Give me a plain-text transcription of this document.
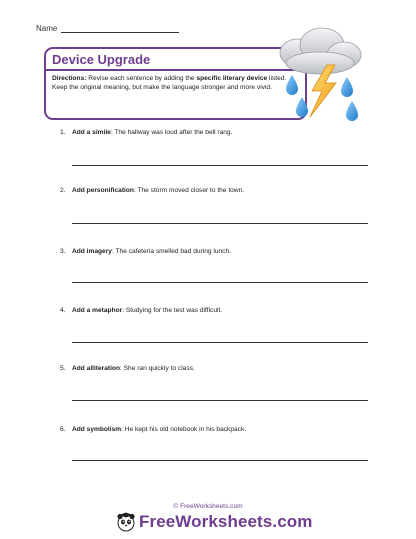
Name
Device Upgrade
Directions: Revise each sentence by adding the specific literary device listed. Keep the original meaning, but make the language stronger and more vivid.
1. Add a simile: The hallway was loud after the bell rang.
2. Add personification: The storm moved closer to the town.
3. Add imagery: The cafeteria smelled bad during lunch.
4. Add a metaphor: Studying for the test was difficult.
5. Add alliteration: She ran quickly to class.
6. Add symbolism: He kept his old notebook in his backpack.
© FreeWorksheets.com
FreeWorksheets.com
